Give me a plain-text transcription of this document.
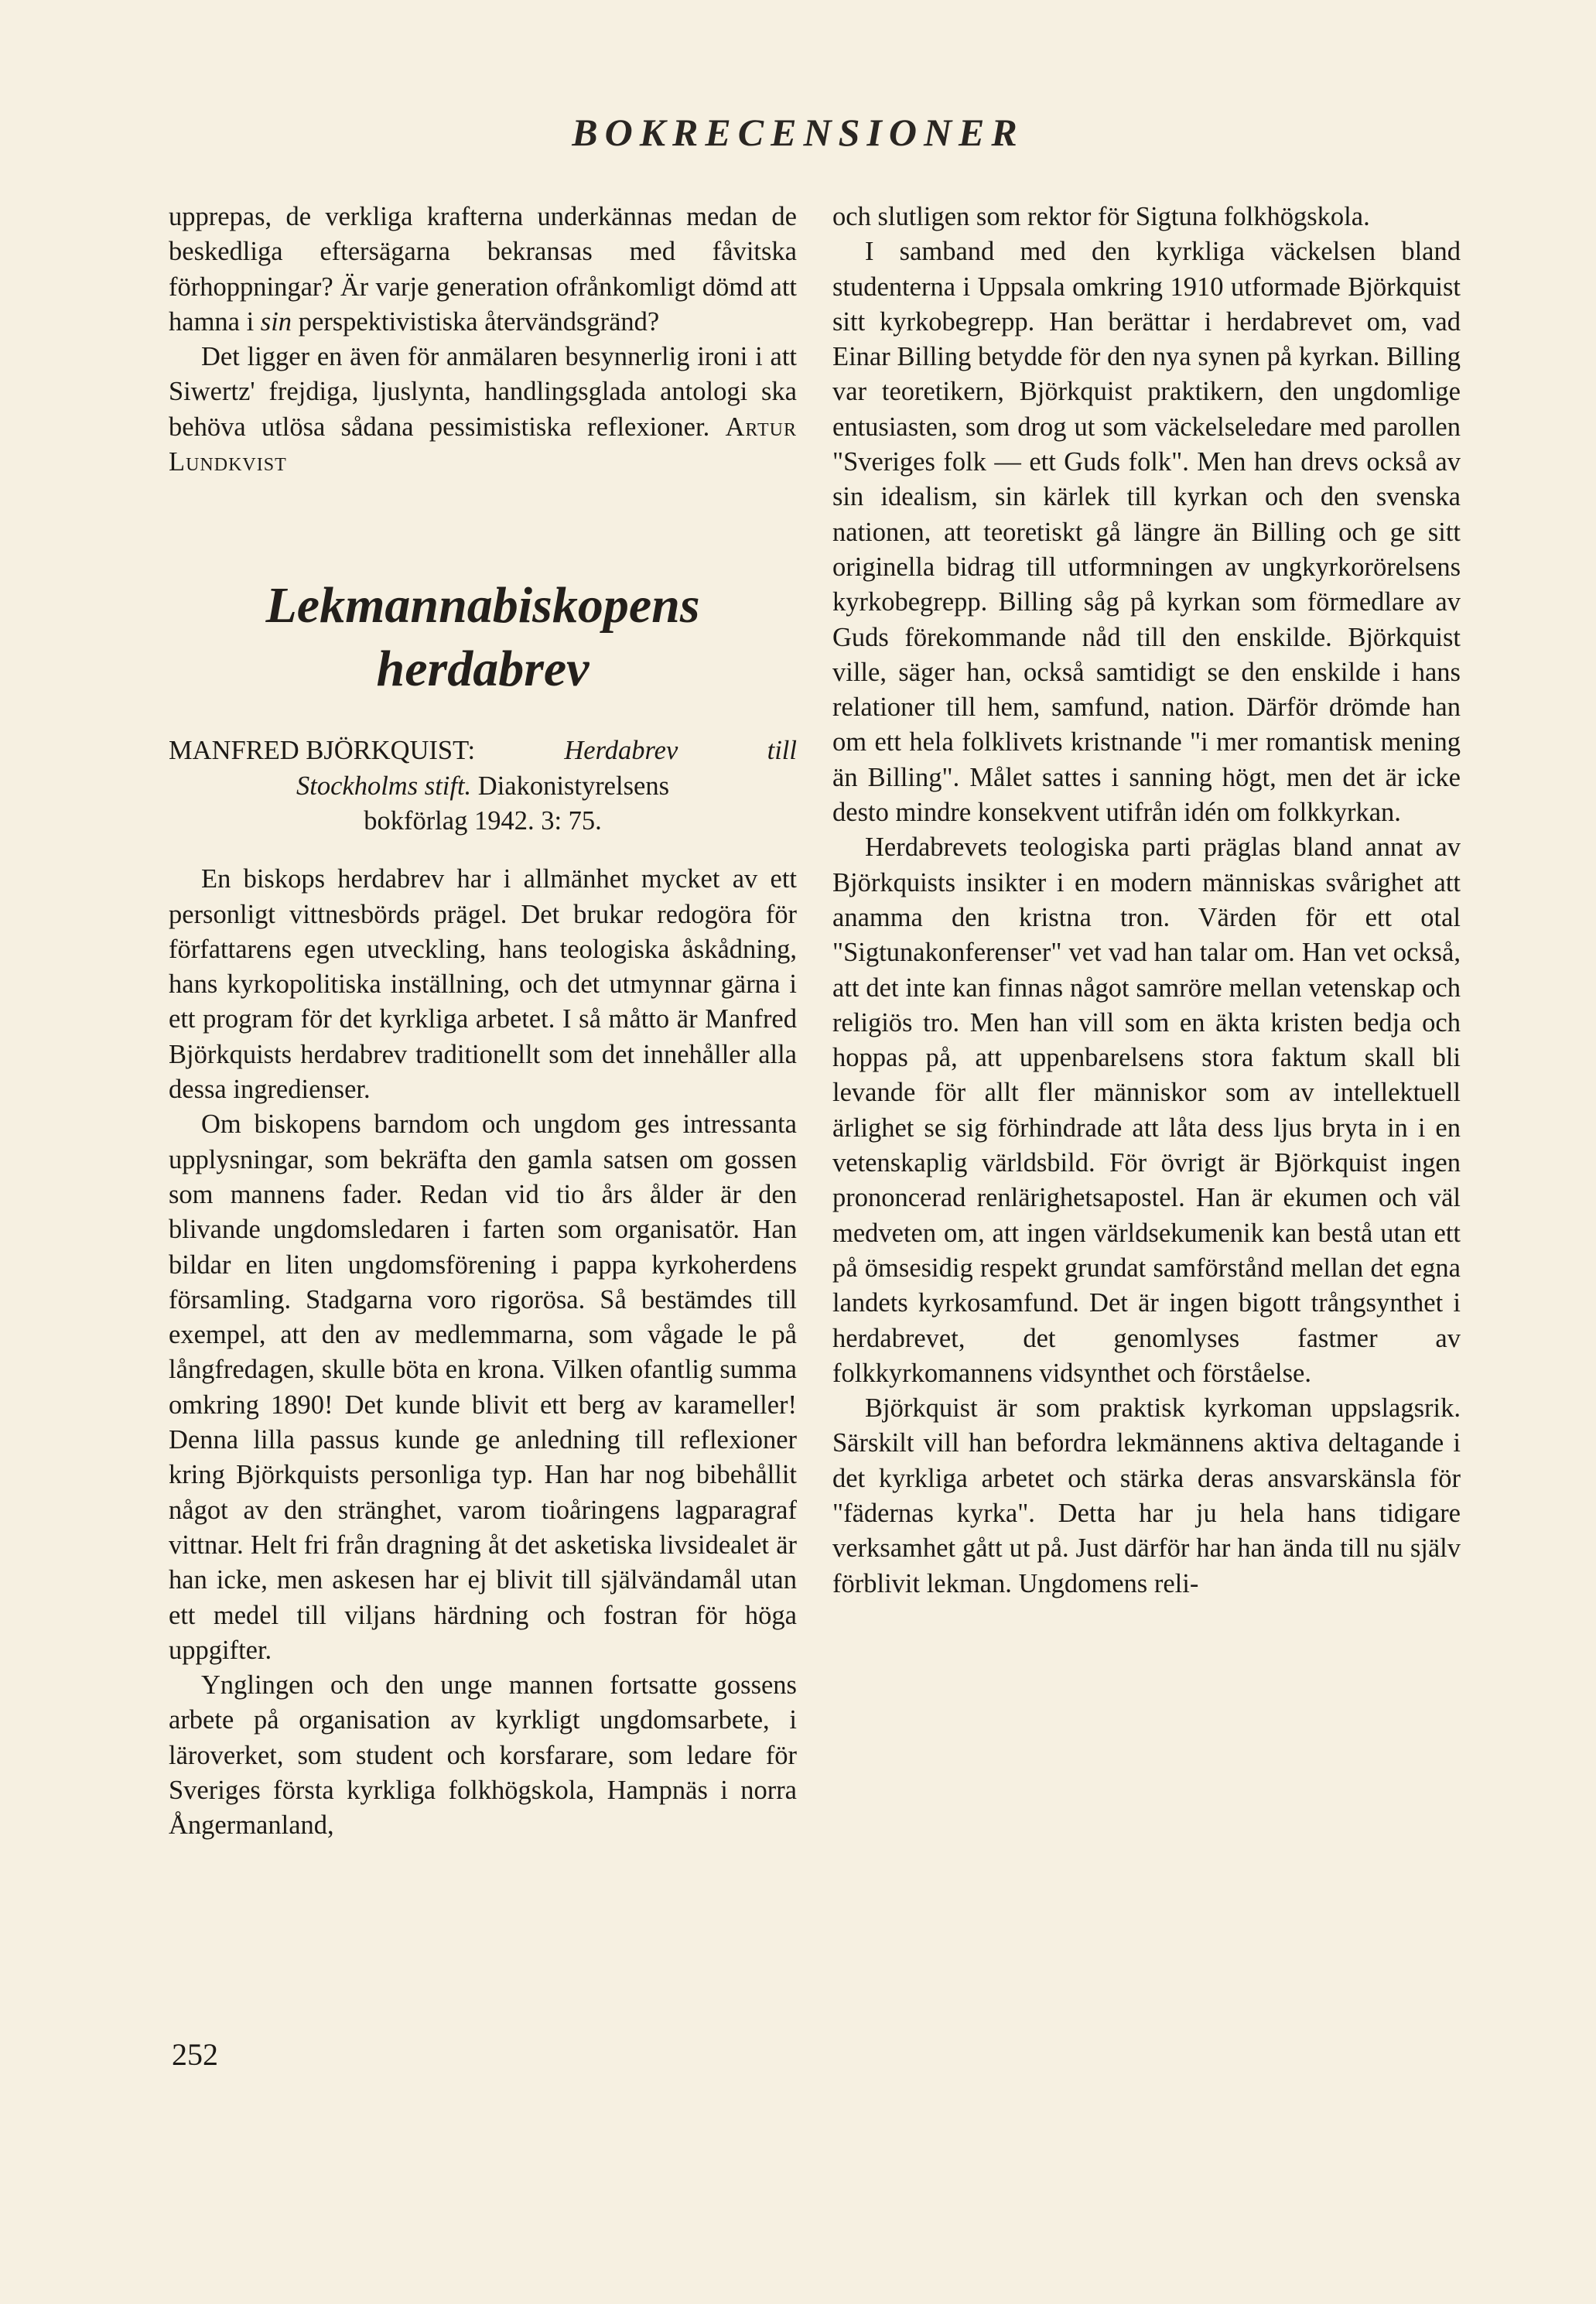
BOKRECENSIONER

upprepas, de verkliga krafterna underkännas medan de beskedliga eftersägarna bekransas med fåvitska förhoppningar? Är varje generation ofrånkomligt dömd att hamna i sin perspektivistiska återvändsgränd?

Det ligger en även för anmälaren besynnerlig ironi i att Siwertz' frejdiga, ljuslynta, handlingsglada antologi ska behöva utlösa sådana pessimistiska reflexioner. Artur Lundkvist

Lekmannabiskopens
herdabrev
MANFRED BJÖRKQUIST:	Herdabrev	till
Stockholms stift. Diakonistyrelsens
bokförlag 1942. 3: 75.

En biskops herdabrev har i allmänhet mycket av ett personligt vittnesbörds prägel. Det brukar redogöra för författarens egen utveckling, hans teologiska åskådning, hans kyrkopolitiska inställning, och det utmynnar gärna i ett program för det kyrkliga arbetet. I så måtto är Manfred Björkquists herdabrev traditionellt som det innehåller alla dessa ingredienser.

Om biskopens barndom och ungdom ges intressanta upplysningar, som bekräfta den gamla satsen om gossen som mannens fader. Redan vid tio års ålder är den blivande ungdomsledaren i farten som organisatör. Han bildar en liten ungdomsförening i pappa kyrkoherdens församling. Stadgarna voro rigorösa. Så bestämdes till exempel, att den av medlemmarna, som vågade le på långfredagen, skulle böta en krona. Vilken ofantlig summa omkring 1890! Det kunde blivit ett berg av karameller! Denna lilla passus kunde ge anledning till reflexioner kring Björkquists personliga typ. Han har nog bibehållit något av den stränghet, varom tioåringens lagparagraf vittnar. Helt fri från dragning åt det asketiska livsidealet är han icke, men askesen har ej blivit till självändamål utan ett medel till viljans härdning och fostran för höga uppgifter.

Ynglingen och den unge mannen fortsatte gossens arbete på organisation av kyrkligt ungdomsarbete, i läroverket, som student och korsfarare, som ledare för Sveriges första kyrkliga folkhögskola, Hampnäs i norra Ångermanland,

och slutligen som rektor för Sigtuna folkhögskola.

I samband med den kyrkliga väckelsen bland studenterna i Uppsala omkring 1910 utformade Björkquist sitt kyrkobegrepp. Han berättar i herdabrevet om, vad Einar Billing betydde för den nya synen på kyrkan. Billing var teoretikern, Björkquist praktikern, den ungdomlige entusiasten, som drog ut som väckelseledare med parollen "Sveriges folk — ett Guds folk". Men han drevs också av sin idealism, sin kärlek till kyrkan och den svenska nationen, att teoretiskt gå längre än Billing och ge sitt originella bidrag till utformningen av ungkyrkorörelsens kyrkobegrepp. Billing såg på kyrkan som förmedlare av Guds förekommande nåd till den enskilde. Björkquist ville, säger han, också samtidigt se den enskilde i hans relationer till hem, samfund, nation. Därför drömde han om ett hela folklivets kristnande "i mer romantisk mening än Billing". Målet sattes i sanning högt, men det är icke desto mindre konsekvent utifrån idén om folkkyrkan.

Herdabrevets teologiska parti präglas bland annat av Björkquists insikter i en modern människas svårighet att anamma den kristna tron. Värden för ett otal "Sigtunakonferenser" vet vad han talar om. Han vet också, att det inte kan finnas något samröre mellan vetenskap och religiös tro. Men han vill som en äkta kristen bedja och hoppas på, att uppenbarelsens stora faktum skall bli levande för allt fler människor som av intellektuell ärlighet se sig förhindrade att låta dess ljus bryta in i en vetenskaplig världsbild. För övrigt är Björkquist ingen prononcerad renlärighetsapostel. Han är ekumen och väl medveten om, att ingen världsekumenik kan bestå utan ett på ömsesidig respekt grundat samförstånd mellan det egna landets kyrkosamfund. Det är ingen bigott trångsynthet i herdabrevet, det genomlyses fastmer av folkkyrkomannens vidsynthet och förståelse.

Björkquist är som praktisk kyrkoman uppslagsrik. Särskilt vill han befordra lekmännens aktiva deltagande i det kyrkliga arbetet och stärka deras ansvarskänsla för "fädernas kyrka". Detta har ju hela hans tidigare verksamhet gått ut på. Just därför har han ända till nu själv förblivit lekman. Ungdomens reli-

252
